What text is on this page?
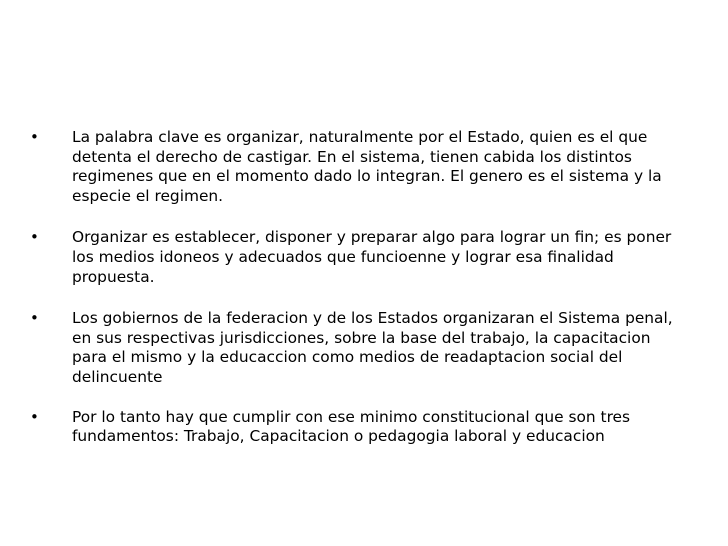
• La palabra clave es organizar, naturalmente por el Estado, quien es el que detenta el derecho de castigar. En el sistema, tienen cabida los distintos regimenes que en el momento dado lo integran. El genero es el sistema y la especie el regimen.
• Organizar es establecer, disponer y preparar algo para lograr un fin; es poner los medios idoneos y adecuados que funcioenne y lograr esa finalidad propuesta.
• Los gobiernos de la federacion y de los Estados organizaran el Sistema penal, en sus respectivas jurisdicciones, sobre la base del trabajo, la capacitacion para el mismo y la educaccion como medios de readaptacion social del delincuente
• Por lo tanto hay que cumplir con ese minimo constitucional que son tres fundamentos: Trabajo, Capacitacion o pedagogia laboral y educacion
